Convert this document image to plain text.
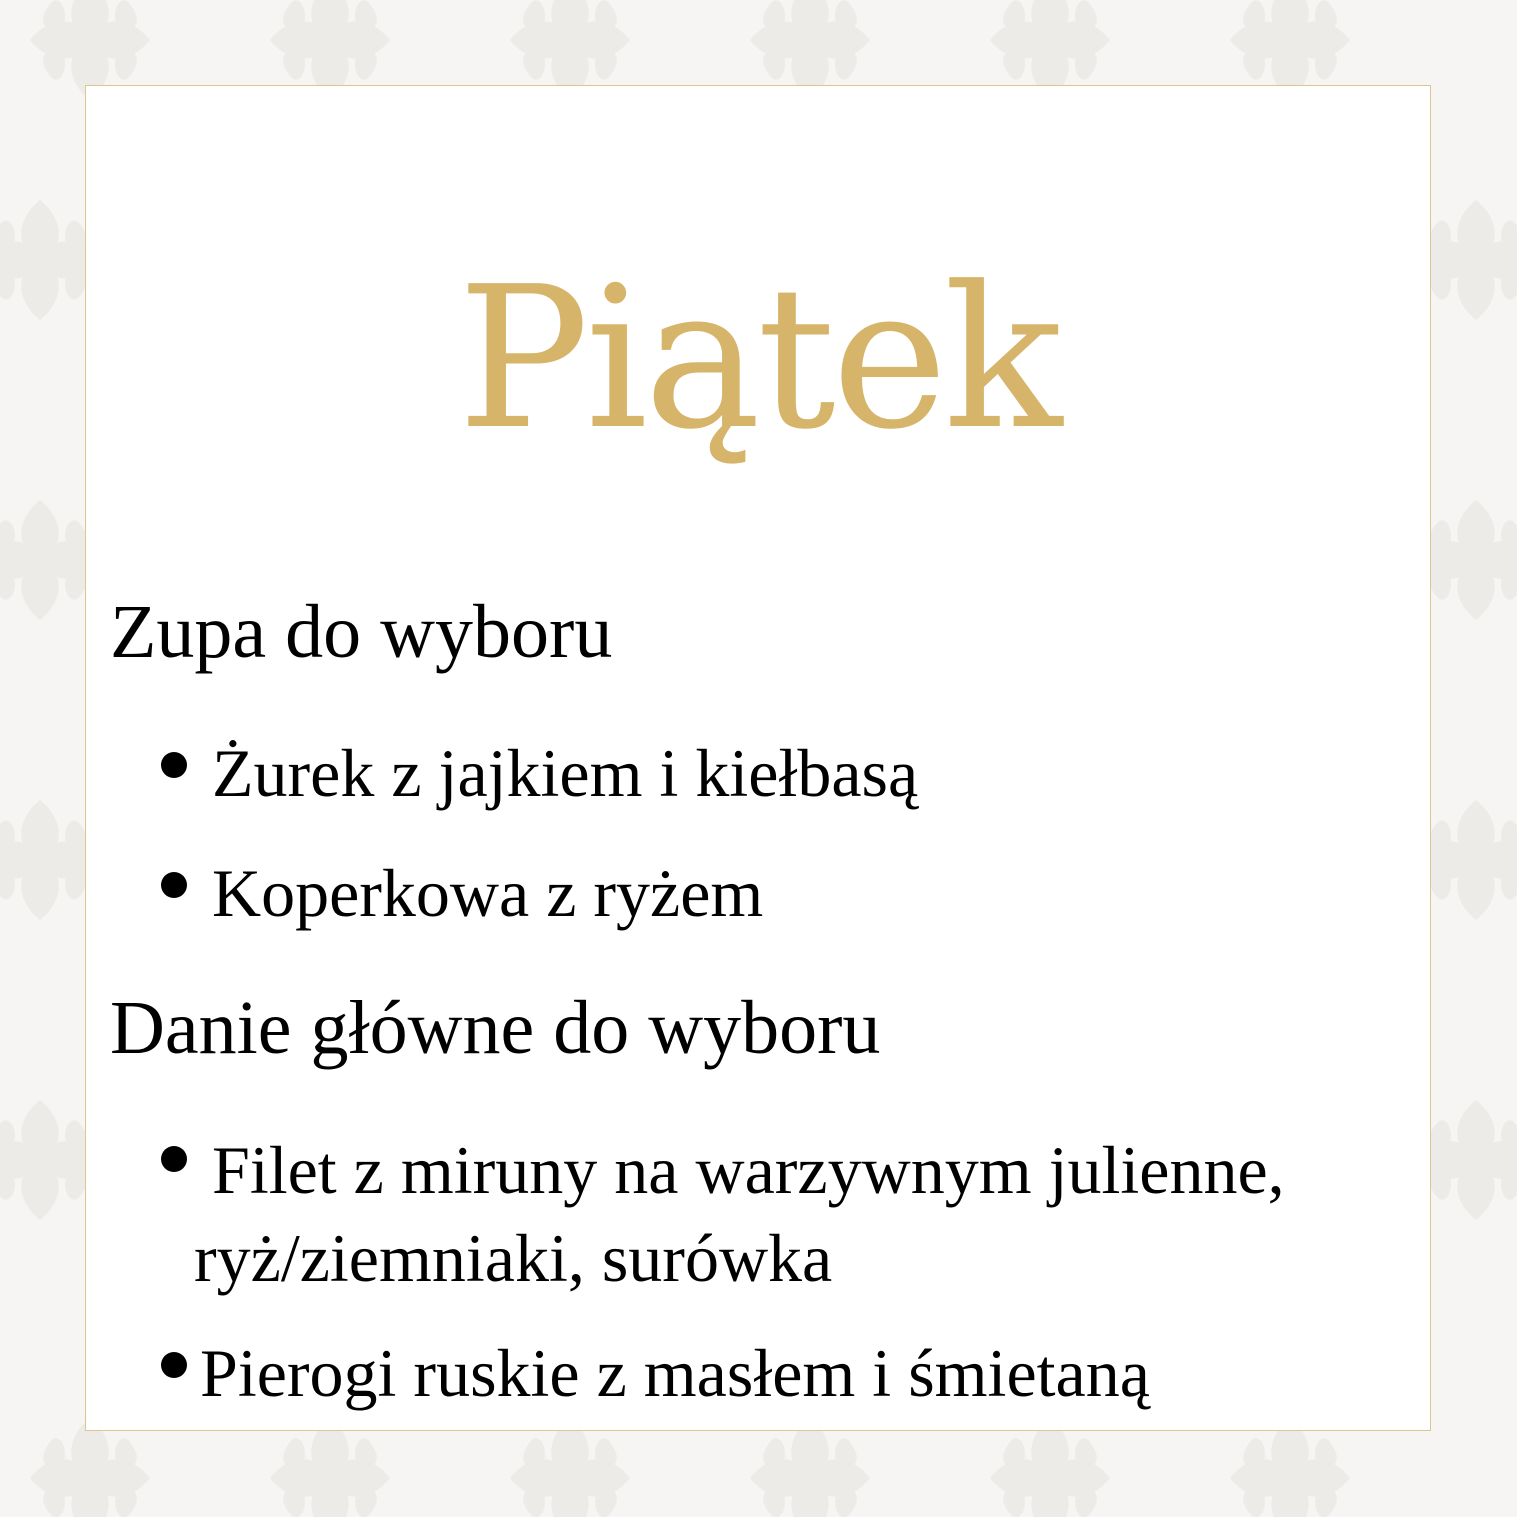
Piątek
Zupa do wyboru
Żurek z jajkiem i kiełbasą
Koperkowa z ryżem
Danie główne do wyboru
Filet z miruny na warzywnym julienne, ryż/ziemniaki, surówka
Pierogi ruskie z masłem i śmietaną
